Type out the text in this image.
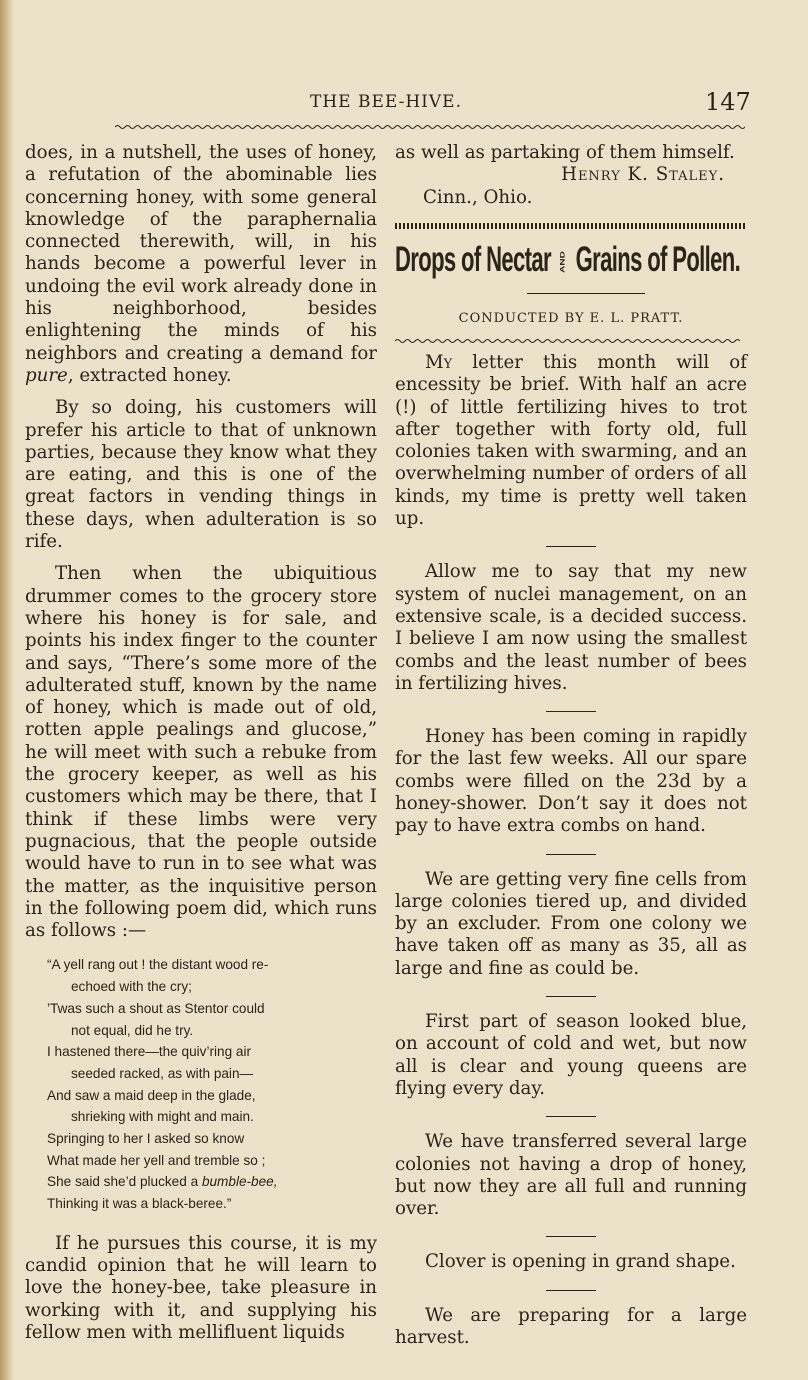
THE BEE-HIVE.	147

does, in a nutshell, the uses of honey, a refutation of the abominable lies concerning honey, with some general knowledge of the paraphernalia connected therewith, will, in his hands become a powerful lever in undoing the evil work already done in his neighborhood, besides enlightening the minds of his neighbors and creating a demand for pure, extracted honey.

By so doing, his customers will prefer his article to that of unknown parties, because they know what they are eating, and this is one of the great factors in vending things in these days, when adulteration is so rife.

Then when the ubiquitious drummer comes to the grocery store where his honey is for sale, and points his index finger to the counter and says, “There’s some more of the adulterated stuff, known by the name of honey, which is made out of old, rotten apple pealings and glucose,” he will meet with such a rebuke from the grocery keeper, as well as his customers which may be there, that I think if these limbs were very pugnacious, that the people outside would have to run in to see what was the matter, as the inquisitive person in the following poem did, which runs as follows :—

“A yell rang out ! the distant wood re-
echoed with the cry;
’Twas such a shout as Stentor could
not equal, did he try.
I hastened there—the quiv’ring air
seeded racked, as with pain—
And saw a maid deep in the glade,
shrieking with might and main.
Springing to her I asked so know
What made her yell and tremble so ;
She said she’d plucked a bumble-bee,
Thinking it was a black-beree.”

If he pursues this course, it is my candid opinion that he will learn to love the honey-bee, take pleasure in working with it, and supplying his fellow men with mellifluent liquids

as well as partaking of them himself.

Henry K. Staley.
Cinn., Ohio.
Drops of Nectar AND Grains of Pollen.
CONDUCTED BY E. L. PRATT.

My letter this month will of encessity be brief. With half an acre (!) of little fertilizing hives to trot after together with forty old, full colonies taken with swarming, and an overwhelming number of orders of all kinds, my time is pretty well taken up.

Allow me to say that my new system of nuclei management, on an extensive scale, is a decided success. I believe I am now using the smallest combs and the least number of bees in fertilizing hives.

Honey has been coming in rapidly for the last few weeks. All our spare combs were filled on the 23d by a honey-shower. Don’t say it does not pay to have extra combs on hand.

We are getting very fine cells from large colonies tiered up, and divided by an excluder. From one colony we have taken off as many as 35, all as large and fine as could be.

First part of season looked blue, on account of cold and wet, but now all is clear and young queens are flying every day.

We have transferred several large colonies not having a drop of honey, but now they are all full and running over.

Clover is opening in grand shape.

We are preparing for a large harvest.
